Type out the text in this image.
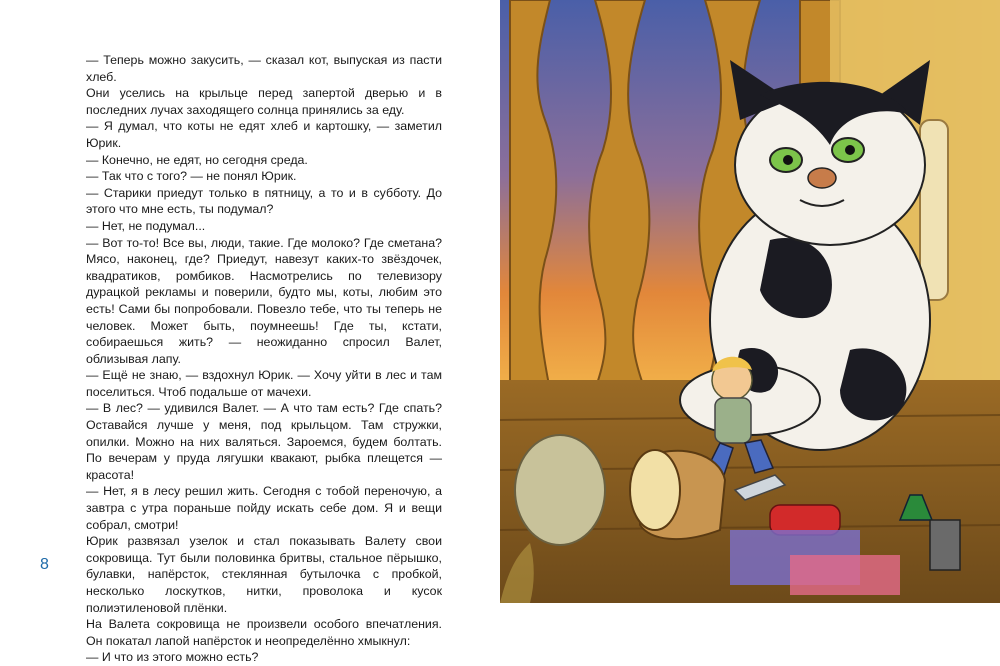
— Теперь можно закусить, — сказал кот, выпуская из пасти хлеб.

Они уселись на крыльце перед запертой дверью и в последних лучах заходящего солнца принялись за еду.

— Я думал, что коты не едят хлеб и картошку, — заметил Юрик.

— Конечно, не едят, но сегодня среда.

— Так что с того? — не понял Юрик.

— Старики приедут только в пятницу, а то и в субботу. До этого что мне есть, ты подумал?

— Нет, не подумал...

— Вот то-то! Все вы, люди, такие. Где молоко? Где сметана? Мясо, наконец, где? Приедут, навезут каких-то звёздочек, квадратиков, ромбиков. Насмотрелись по телевизору дурацкой рекламы и поверили, будто мы, коты, любим это есть! Сами бы попробовали. Повезло тебе, что ты теперь не человек. Может быть, поумнеешь! Где ты, кстати, собираешься жить? — неожиданно спросил Валет, облизывая лапу.

— Ещё не знаю, — вздохнул Юрик. — Хочу уйти в лес и там поселиться. Чтоб подальше от мачехи.

— В лес? — удивился Валет. — А что там есть? Где спать? Оставайся лучше у меня, под крыльцом. Там стружки, опилки. Можно на них валяться. Зароемся, будем болтать. По вечерам у пруда лягушки квакают, рыбка плещется — красота!

— Нет, я в лесу решил жить. Сегодня с тобой переночую, а завтра с утра пораньше пойду искать себе дом. Я и вещи собрал, смотри!

Юрик развязал узелок и стал показывать Валету свои сокровища. Тут были половинка бритвы, стальное пёрышко, булавки, напёрсток, стеклянная бутылочка с пробкой, несколько лоскутков, нитки, проволока и кусок полиэтиленовой плёнки.

На Валета сокровища не произвели особого впечатления. Он покатал лапой напёрсток и неопределённо хмыкнул:

— И что из этого можно есть?

8
